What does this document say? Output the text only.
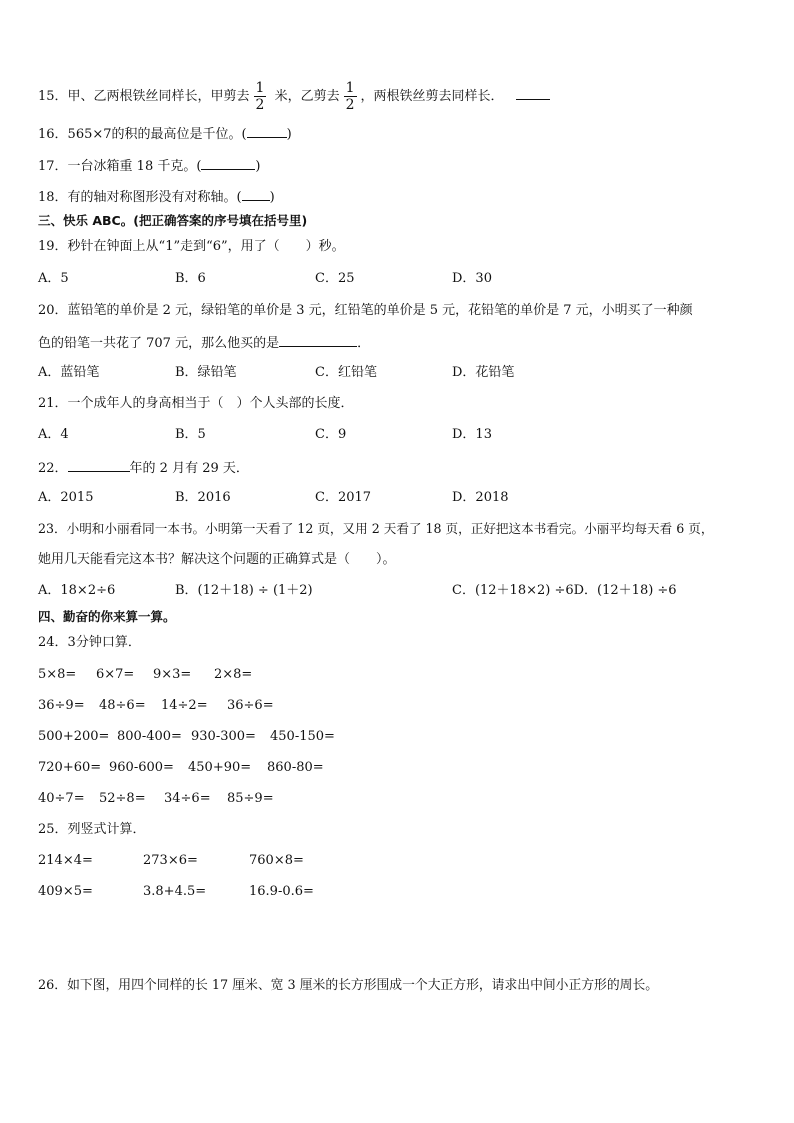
15．甲、乙两根铁丝同样长，甲剪去 $\frac{1}{2}$ 米，乙剪去 $\frac{1}{2}$ ，两根铁丝剪去同样长．
16．565×7的积的最高位是千位。(	)
17．一台冰箱重 18 千克。(	)
18．有的轴对称图形没有对称轴。( )
三、快乐 ABC。(把正确答案的序号填在括号里)
19．秒针在钟面上从“1”走到“6”，用了（　　）秒。
A．5	B．6	C．25	D．30
20．蓝铅笔的单价是 2 元，绿铅笔的单价是 3 元，红铅笔的单价是 5 元，花铅笔的单价是 7 元，小明买了一种颜
色的铅笔一共花了 707 元，那么他买的是	．
A．蓝铅笔	B．绿铅笔	C．红铅笔	D．花铅笔
21．一个成年人的身高相当于（　）个人头部的长度．
A．4	B．5	C．9	D．13
22．	年的 2 月有 29 天．
A．2015	B．2016	C．2017	D．2018
23．小明和小丽看同一本书。小明第一天看了 12 页，又用 2 天看了 18 页，正好把这本书看完。小丽平均每天看 6 页，
她用几天能看完这本书？解决这个问题的正确算式是（　　）。
A．18×2÷6	B．(12＋18) ÷ (1＋2)	C．(12＋18×2) ÷6D．(12＋18) ÷6
四、勤奋的你来算一算。
24．3分钟口算．
5×8= 6×7= 9×3= 2×8=
36÷9= 48÷6= 14÷2= 36÷6=
500+200= 800-400= 930-300= 450-150=
720+60= 960-600= 450+90= 860-80=
40÷7= 52÷8= 34÷6= 85÷9=
25．列竖式计算．
214×4=	273×6=	760×8=
409×5=	3.8+4.5=	16.9-0.6=
26．如下图，用四个同样的长 17 厘米、宽 3 厘米的长方形围成一个大正方形，请求出中间小正方形的周长。
